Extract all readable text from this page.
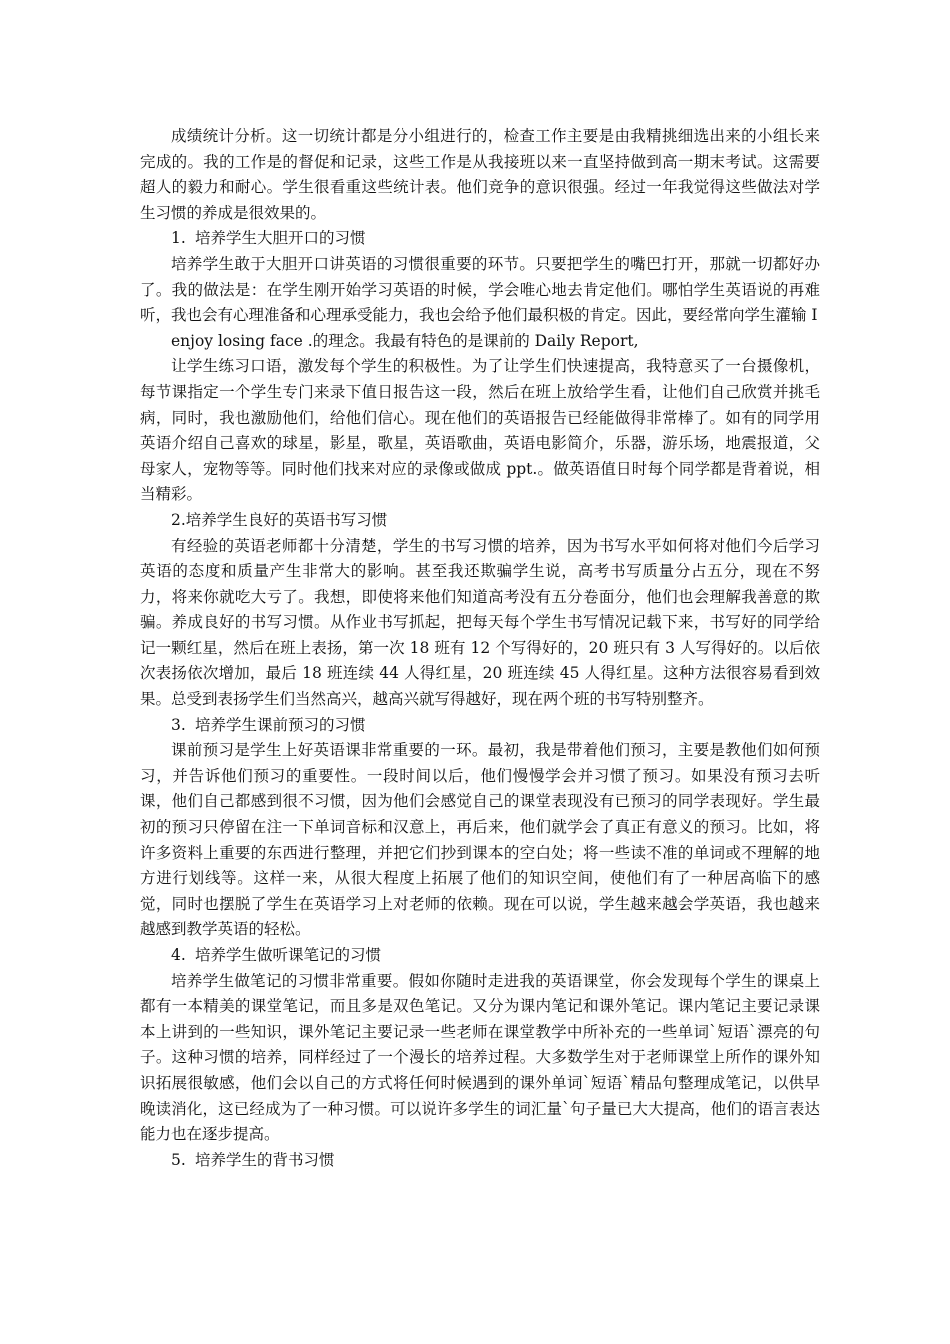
成绩统计分析。这一切统计都是分小组进行的，检查工作主要是由我精挑细选出来的小组长来完成的。我的工作是的督促和记录，这些工作是从我接班以来一直坚持做到高一期末考试。这需要超人的毅力和耐心。学生很看重这些统计表。他们竞争的意识很强。经过一年我觉得这些做法对学生习惯的养成是很效果的。

1. 培养学生大胆开口的习惯

培养学生敢于大胆开口讲英语的习惯很重要的环节。只要把学生的嘴巴打开，那就一切都好办了。我的做法是：在学生刚开始学习英语的时候，学会唯心地去肯定他们。哪怕学生英语说的再难听，我也会有心理准备和心理承受能力，我也会给予他们最积极的肯定。因此，要经常向学生灌输 I

enjoy losing face .的理念。我最有特色的是课前的 Daily Report,

让学生练习口语，激发每个学生的积极性。为了让学生们快速提高，我特意买了一台摄像机，每节课指定一个学生专门来录下值日报告这一段，然后在班上放给学生看，让他们自己欣赏并挑毛病，同时，我也激励他们，给他们信心。现在他们的英语报告已经能做得非常棒了。如有的同学用英语介绍自己喜欢的球星，影星，歌星，英语歌曲，英语电影简介，乐器，游乐场，地震报道，父母家人，宠物等等。同时他们找来对应的录像或做成 ppt.。做英语值日时每个同学都是背着说，相当精彩。

2.培养学生良好的英语书写习惯

有经验的英语老师都十分清楚，学生的书写习惯的培养，因为书写水平如何将对他们今后学习英语的态度和质量产生非常大的影响。甚至我还欺骗学生说，高考书写质量分占五分，现在不努力，将来你就吃大亏了。我想，即使将来他们知道高考没有五分卷面分，他们也会理解我善意的欺骗。养成良好的书写习惯。从作业书写抓起，把每天每个学生书写情况记载下来，书写好的同学给记一颗红星，然后在班上表扬，第一次 18 班有 12 个写得好的，20 班只有 3 人写得好的。以后依次表扬依次增加，最后 18 班连续 44 人得红星，20 班连续 45 人得红星。这种方法很容易看到效果。总受到表扬学生们当然高兴，越高兴就写得越好，现在两个班的书写特别整齐。

3. 培养学生课前预习的习惯

课前预习是学生上好英语课非常重要的一环。最初，我是带着他们预习，主要是教他们如何预习，并告诉他们预习的重要性。一段时间以后，他们慢慢学会并习惯了预习。如果没有预习去听课，他们自己都感到很不习惯，因为他们会感觉自己的课堂表现没有已预习的同学表现好。学生最初的预习只停留在注一下单词音标和汉意上，再后来，他们就学会了真正有意义的预习。比如，将许多资料上重要的东西进行整理，并把它们抄到课本的空白处；将一些读不准的单词或不理解的地方进行划线等。这样一来，从很大程度上拓展了他们的知识空间，使他们有了一种居高临下的感觉，同时也摆脱了学生在英语学习上对老师的依赖。现在可以说，学生越来越会学英语，我也越来越感到教学英语的轻松。

4. 培养学生做听课笔记的习惯

培养学生做笔记的习惯非常重要。假如你随时走进我的英语课堂，你会发现每个学生的课桌上都有一本精美的课堂笔记，而且多是双色笔记。又分为课内笔记和课外笔记。课内笔记主要记录课本上讲到的一些知识，课外笔记主要记录一些老师在课堂教学中所补充的一些单词`短语`漂亮的句子。这种习惯的培养，同样经过了一个漫长的培养过程。大多数学生对于老师课堂上所作的课外知识拓展很敏感，他们会以自己的方式将任何时候遇到的课外单词`短语`精品句整理成笔记，以供早晚读消化，这已经成为了一种习惯。可以说许多学生的词汇量`句子量已大大提高，他们的语言表达能力也在逐步提高。

5. 培养学生的背书习惯
